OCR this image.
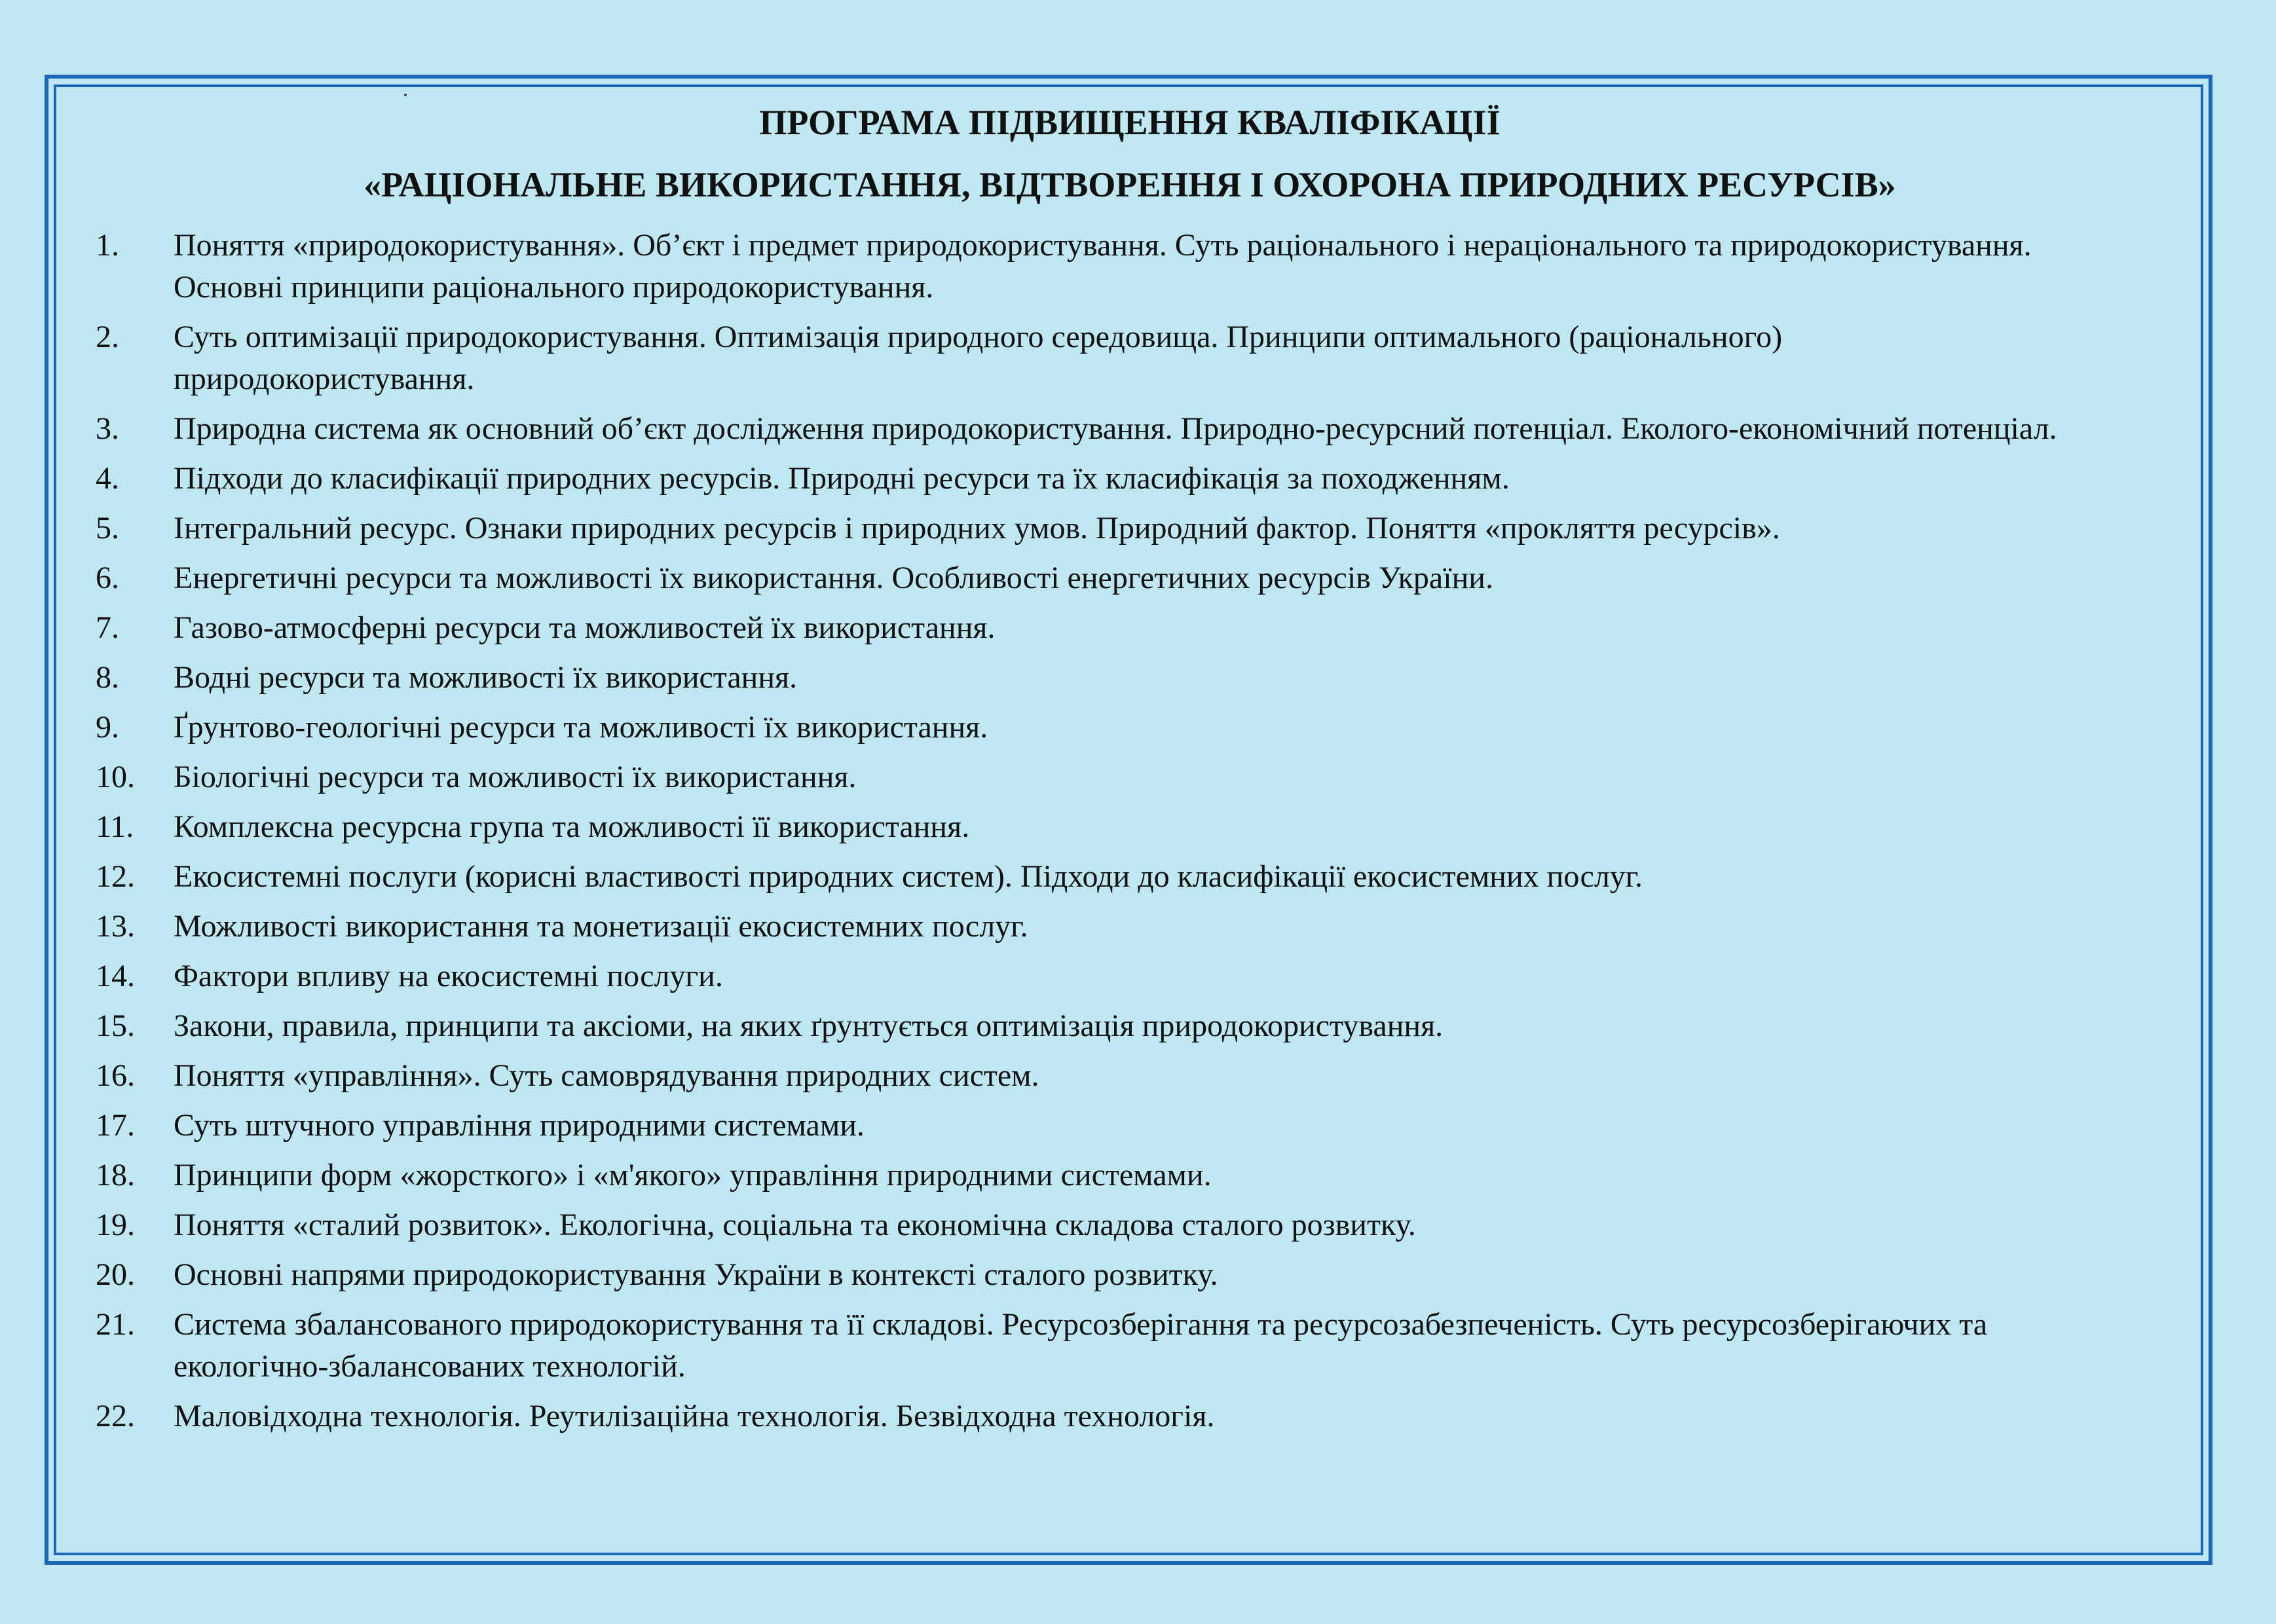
ПРОГРАМА ПІДВИЩЕННЯ КВАЛІФІКАЦІЇ
«РАЦІОНАЛЬНЕ ВИКОРИСТАННЯ, ВІДТВОРЕННЯ І ОХОРОНА ПРИРОДНИХ РЕСУРСІВ»
1.	Поняття «природокористування». Об’єкт і предмет природокористування. Суть раціонального і нераціонального та природокористування. Основні принципи раціонального природокористування.
2.	Суть оптимізації природокористування. Оптимізація природного середовища. Принципи оптимального (раціонального) природокористування.
3.	Природна система як основний об’єкт дослідження природокористування. Природно-ресурсний потенціал. Еколого-економічний потенціал.
4.	Підходи до класифікації природних ресурсів. Природні ресурси та їх класифікація за походженням.
5.	Інтегральний ресурс. Ознаки природних ресурсів і природних умов. Природний фактор. Поняття «прокляття ресурсів».
6.	Енергетичні ресурси та можливості їх використання. Особливості енергетичних ресурсів України.
7.	Газово-атмосферні ресурси та можливостей їх використання.
8.	Водні ресурси та можливості їх використання.
9.	Ґрунтово-геологічні ресурси та можливості їх використання.
10.	Біологічні ресурси та можливості їх використання.
11.	Комплексна ресурсна група та можливості її використання.
12.	Екосистемні послуги (корисні властивості природних систем). Підходи до класифікації екосистемних послуг.
13.	Можливості використання та монетизації екосистемних послуг.
14.	Фактори впливу на екосистемні послуги.
15.	Закони, правила, принципи та аксіоми, на яких ґрунтується оптимізація природокористування.
16.	Поняття «управління». Суть самоврядування природних систем.
17.	Суть штучного управління природними системами.
18.	Принципи форм «жорсткого» і «м'якого» управління природними системами.
19.	Поняття «сталий розвиток». Екологічна, соціальна та економічна складова сталого розвитку.
20.	Основні напрями природокористування України в контексті сталого розвитку.
21.	Система збалансованого природокористування та її складові. Ресурсозберігання та ресурсозабезпеченість. Суть ресурсозберігаючих та екологічно-збалансованих технологій.
22.	Маловідходна технологія. Реутилізаційна технологія. Безвідходна технологія.
